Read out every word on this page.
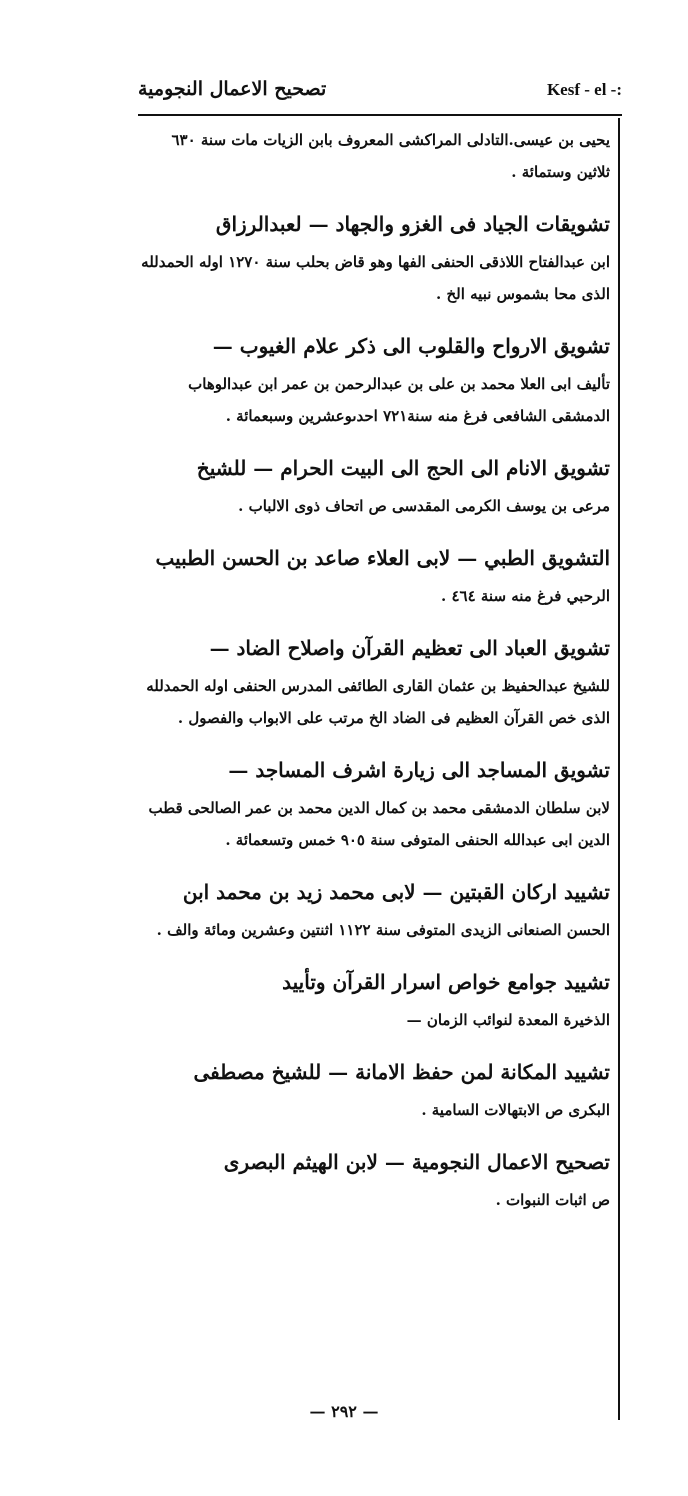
تصحيح الاعمال النجومية	Kesf - el -:
يحيى بن عيسى.التادلى المراكشى المعروف بابن الزيات مات سنة ٦٣٠ ثلاثين وستمائة .
تشويقات الجياد فى الغزو والجهاد — لعبدالرزاق
ابن عبدالفتاح اللاذقى الحنفى الفها وهو قاض بحلب سنة ١٢٧٠ اوله الحمدلله الذى محا بشموس نبيه الخ .
تشويق الارواح والقلوب الى ذكر علام الغيوب —
تأليف ابى العلا محمد بن على بن عبدالرحمن بن عمر ابن عبدالوهاب الدمشقى الشافعى فرغ منه سنة٧٢١ احدىوعشرين وسبعمائة .
تشويق الانام الى الحج الى البيت الحرام — للشيخ
مرعى بن يوسف الكرمى المقدسى ص اتحاف ذوى الالباب .
التشويق الطبي — لابى العلاء صاعد بن الحسن الطبيب
الرحبي فرغ منه سنة ٤٦٤ .
تشويق العباد الى تعظيم القرآن واصلاح الضاد —
للشيخ عبدالحفيظ بن عثمان القارى الطائفى المدرس الحنفى اوله الحمدلله الذى خص القرآن العظيم فى الضاد الخ مرتب على الابواب والفصول .
تشويق المساجد الى زيارة اشرف المساجد —
لابن سلطان الدمشقى محمد بن كمال الدين محمد بن عمر الصالحى قطب الدين ابى عبدالله الحنفى المتوفى سنة ٩٠٥ خمس وتسعمائة .
تشييد اركان القبتين — لابى محمد زيد بن محمد ابن
الحسن الصنعانى الزيدى المتوفى سنة ١١٢٢ اثنتين وعشرين ومائة والف .
تشييد جوامع خواص اسرار القرآن وتأييد
الذخيرة المعدة لنوائب الزمان —
تشييد المكانة لمن حفظ الامانة — للشيخ مصطفى
البكرى ص الابتهالات السامية .
تصحيح الاعمال النجومية — لابن الهيثم البصرى
ص اثبات النبوات .
— ٢٩٢ —
